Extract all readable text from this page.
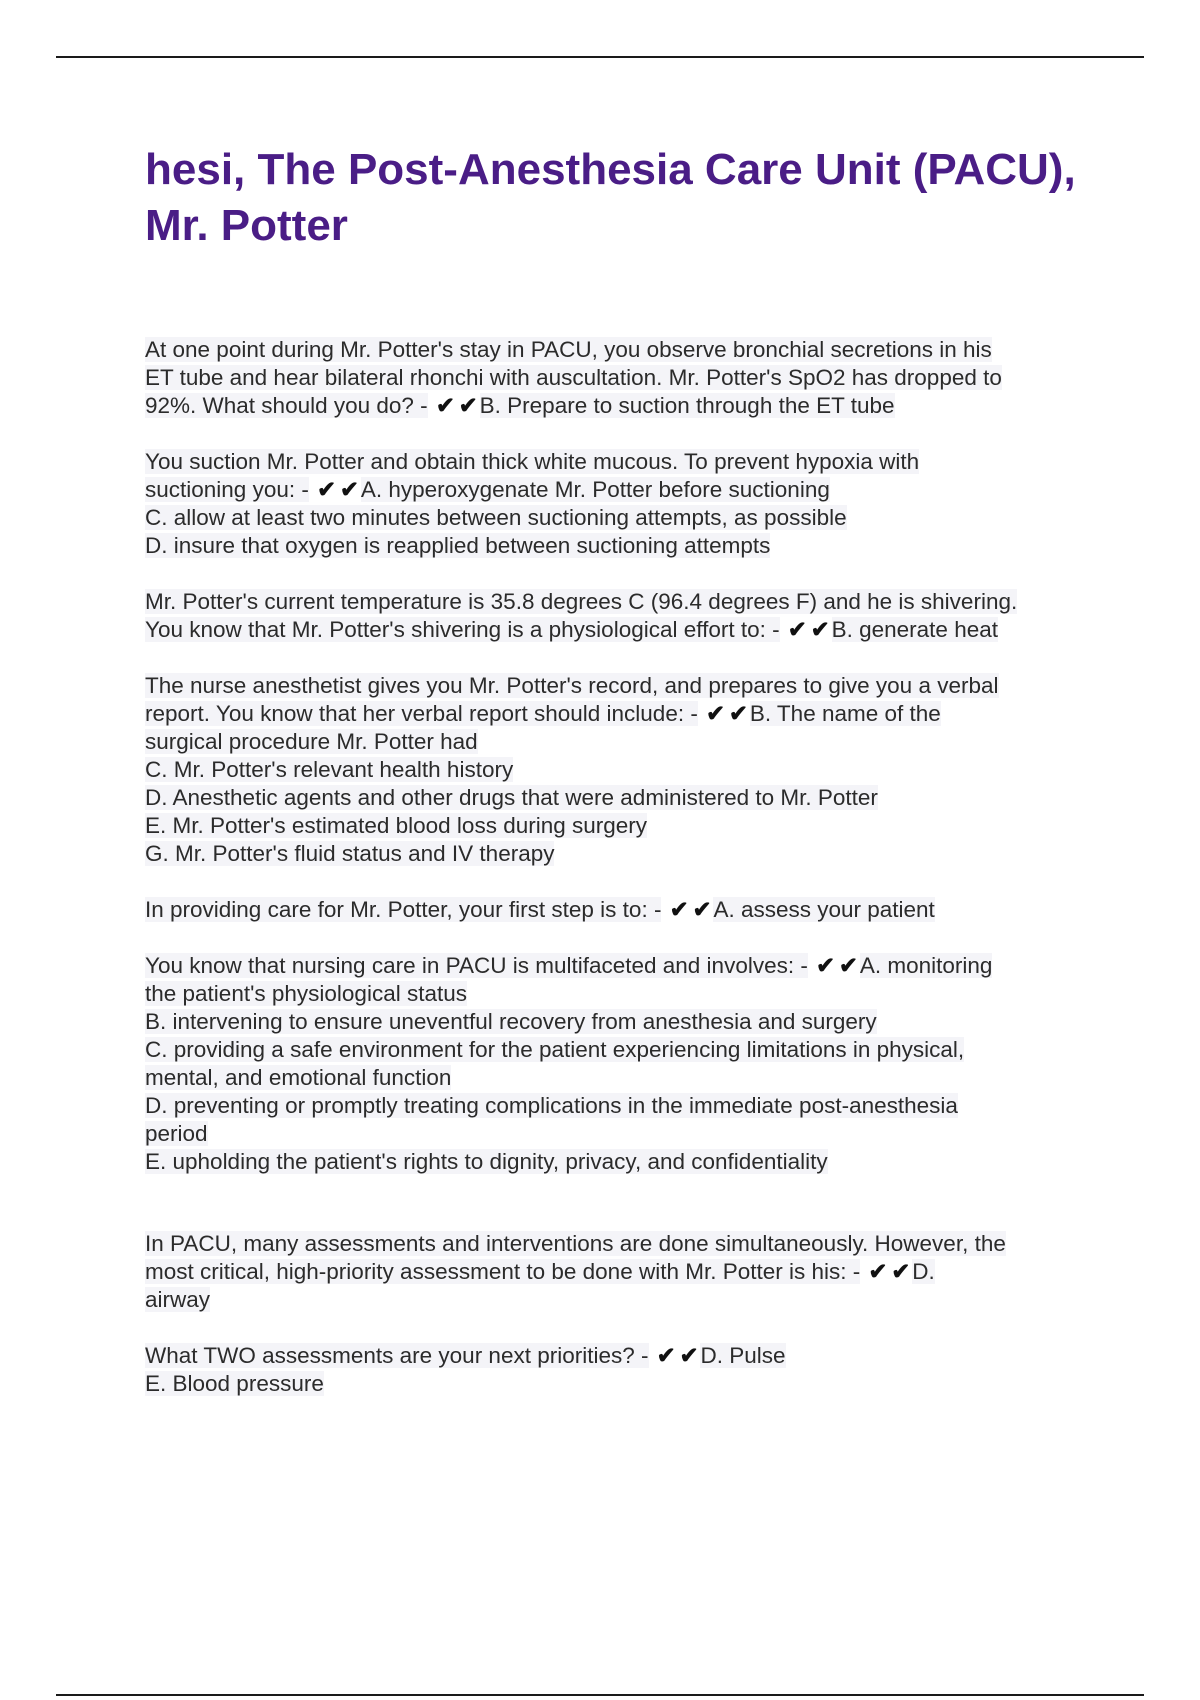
hesi, The Post-Anesthesia Care Unit (PACU), Mr. Potter
At one point during Mr. Potter's stay in PACU, you observe bronchial secretions in his
ET tube and hear bilateral rhonchi with auscultation. Mr. Potter's SpO2 has dropped to
92%. What should you do? - ✔ ✔B. Prepare to suction through the ET tube
You suction Mr. Potter and obtain thick white mucous. To prevent hypoxia with
suctioning you: - ✔ ✔A. hyperoxygenate Mr. Potter before suctioning
C. allow at least two minutes between suctioning attempts, as possible
D. insure that oxygen is reapplied between suctioning attempts
Mr. Potter's current temperature is 35.8 degrees C (96.4 degrees F) and he is shivering.
You know that Mr. Potter's shivering is a physiological effort to: - ✔ ✔B. generate heat
The nurse anesthetist gives you Mr. Potter's record, and prepares to give you a verbal
report. You know that her verbal report should include: - ✔ ✔B. The name of the
surgical procedure Mr. Potter had
C. Mr. Potter's relevant health history
D. Anesthetic agents and other drugs that were administered to Mr. Potter
E. Mr. Potter's estimated blood loss during surgery
G. Mr. Potter's fluid status and IV therapy
In providing care for Mr. Potter, your first step is to: - ✔ ✔A. assess your patient
You know that nursing care in PACU is multifaceted and involves: - ✔ ✔A. monitoring
the patient's physiological status
B. intervening to ensure uneventful recovery from anesthesia and surgery
C. providing a safe environment for the patient experiencing limitations in physical,
mental, and emotional function
D. preventing or promptly treating complications in the immediate post-anesthesia
period
E. upholding the patient's rights to dignity, privacy, and confidentiality
In PACU, many assessments and interventions are done simultaneously. However, the
most critical, high-priority assessment to be done with Mr. Potter is his: - ✔ ✔D.
airway
What TWO assessments are your next priorities? - ✔ ✔D. Pulse
E. Blood pressure
